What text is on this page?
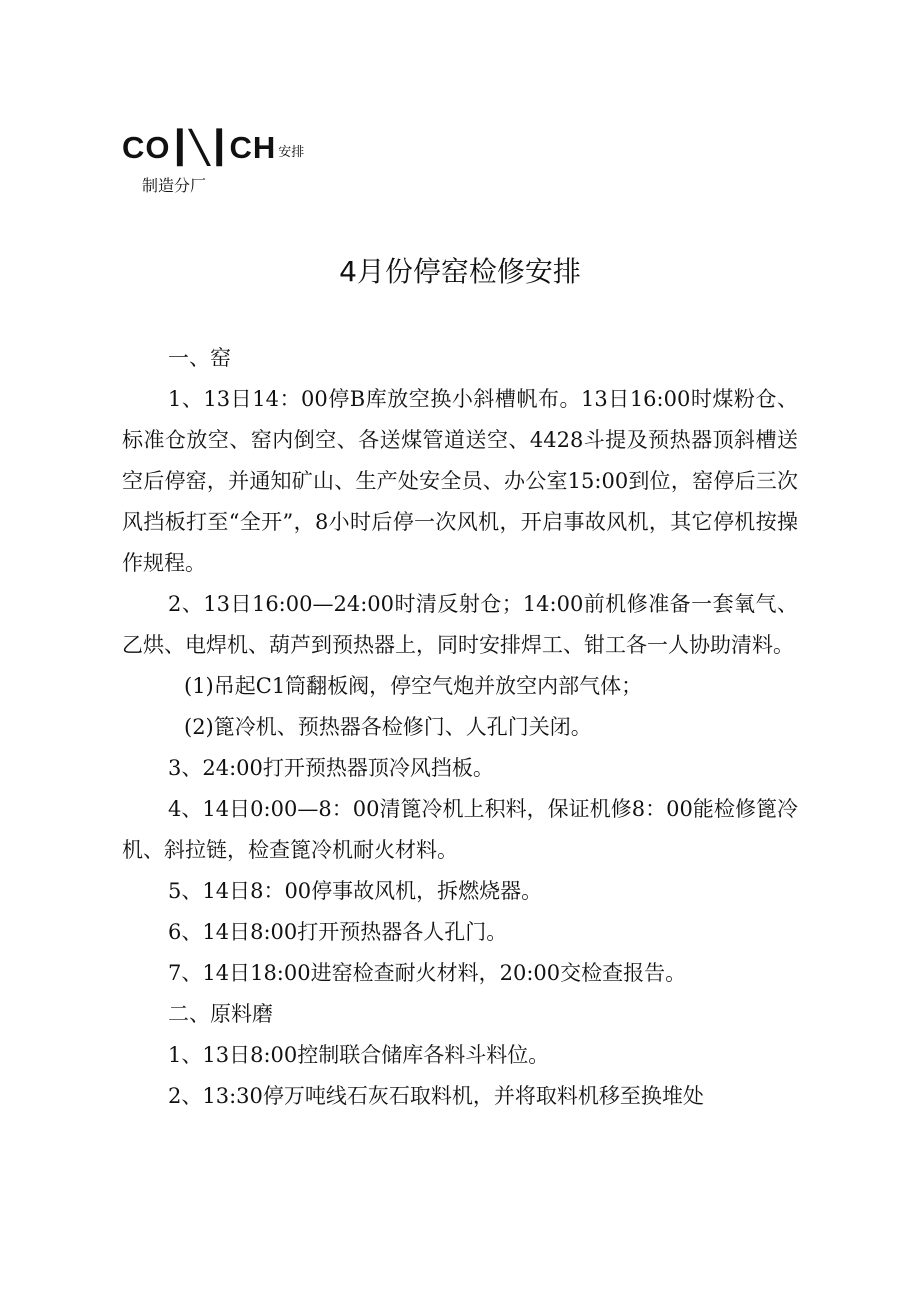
CO┃╲┃CH 安排
制造分厂
4月份停窑检修安排

一、窑

1、13日14：00停B库放空换小斜槽帆布。13日16:00时煤粉仓、标准仓放空、窑内倒空、各送煤管道送空、4428斗提及预热器顶斜槽送空后停窑，并通知矿山、生产处安全员、办公室15:00到位，窑停后三次风挡板打至“全开”，8小时后停一次风机，开启事故风机，其它停机按操作规程。

2、13日16:00—24:00时清反射仓；14:00前机修准备一套氧气、乙烘、电焊机、葫芦到预热器上，同时安排焊工、钳工各一人协助清料。

(1)吊起C1筒翻板阀，停空气炮并放空内部气体；

(2)篦冷机、预热器各检修门、人孔门关闭。

3、24:00打开预热器顶冷风挡板。

4、14日0:00—8：00清篦冷机上积料，保证机修8：00能检修篦冷机、斜拉链，检查篦冷机耐火材料。

5、14日8：00停事故风机，拆燃烧器。

6、14日8:00打开预热器各人孔门。

7、14日18:00进窑检查耐火材料，20:00交检查报告。

二、原料磨

1、13日8:00控制联合储库各料斗料位。

2、13:30停万吨线石灰石取料机，并将取料机移至换堆处
